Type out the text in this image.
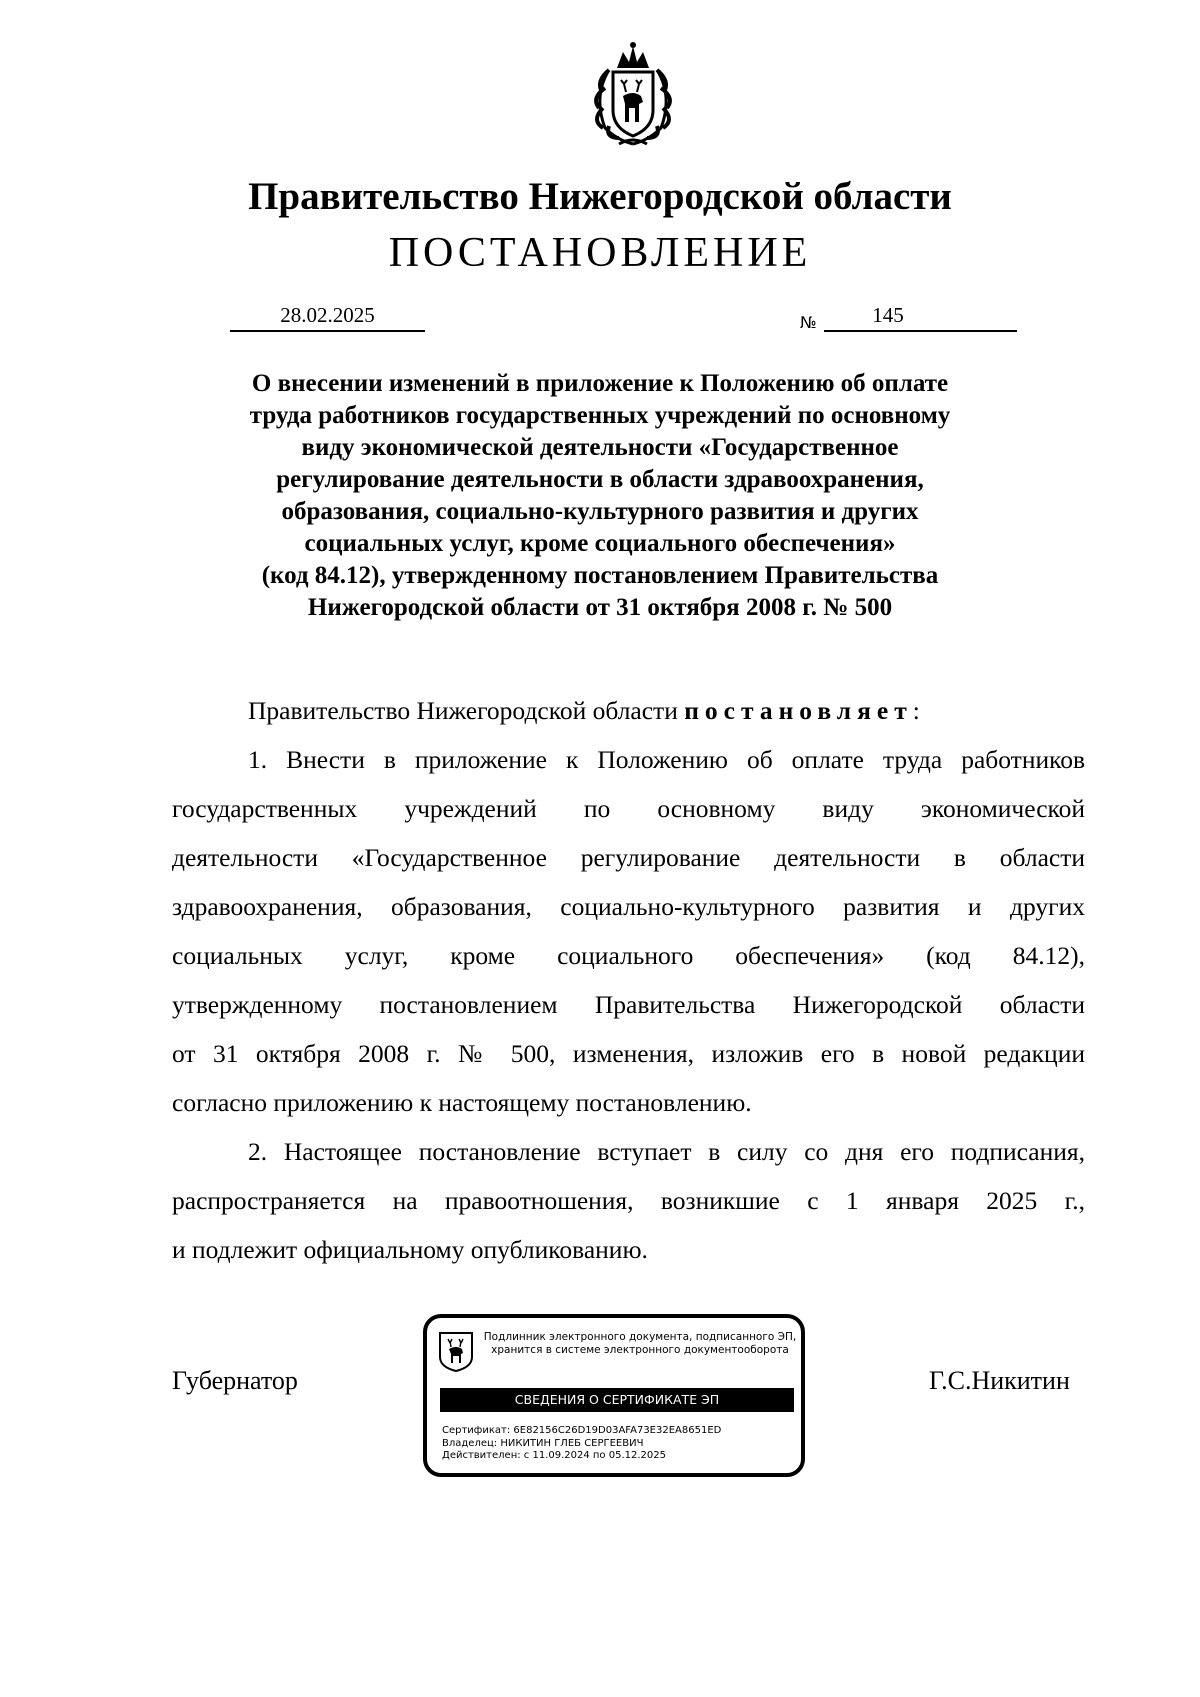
Правительство Нижегородской области
ПОСТАНОВЛЕНИЕ
28.02.2025	№	145
О внесении изменений в приложение к Положению об оплате
труда работников государственных учреждений по основному
виду экономической деятельности «Государственное
регулирование деятельности в области здравоохранения,
образования, социально-культурного развития и других
социальных услуг, кроме социального обеспечения»
(код 84.12), утвержденному постановлением Правительства
Нижегородской области от 31 октября 2008 г. № 500
Правительство Нижегородской области постановляет:
1. Внести в приложение к Положению об оплате труда работников
государственных учреждений по основному виду экономической
деятельности «Государственное регулирование деятельности в области
здравоохранения, образования, социально-культурного развития и других
социальных услуг, кроме социального обеспечения» (код 84.12),
утвержденному постановлением Правительства Нижегородской области
от 31 октября 2008 г. № 500, изменения, изложив его в новой редакции
согласно приложению к настоящему постановлению.
2. Настоящее постановление вступает в силу со дня его подписания,
распространяется на правоотношения, возникшие с 1 января 2025 г.,
и подлежит официальному опубликованию.
Губернатор
Подлинник электронного документа, подписанного ЭП,
хранится в системе электронного документооборота
СВЕДЕНИЯ О СЕРТИФИКАТЕ ЭП
Сертификат: 6E82156C26D19D03AFA73E32EA8651ED
Владелец: НИКИТИН ГЛЕБ СЕРГЕЕВИЧ
Действителен: с 11.09.2024 по 05.12.2025
Г.С.Никитин
